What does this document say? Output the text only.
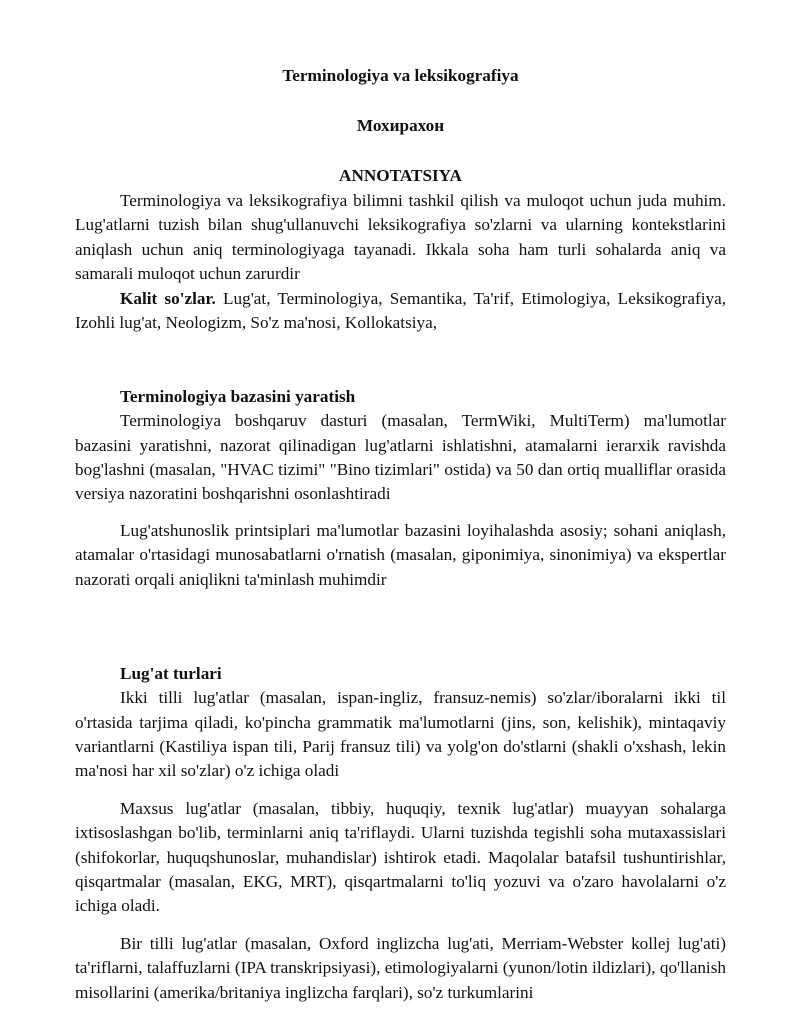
Terminologiya va leksikografiya
Мохирахон
ANNOTATSIYA

Terminologiya va leksikografiya bilimni tashkil qilish va muloqot uchun juda muhim. Lug'atlarni tuzish bilan shug'ullanuvchi leksikografiya so'zlarni va ularning kontekstlarini aniqlash uchun aniq terminologiyaga tayanadi. Ikkala soha ham turli sohalarda aniq va samarali muloqot uchun zarurdir

Kalit so'zlar. Lug'at, Terminologiya, Semantika, Ta'rif, Etimologiya, Leksikografiya, Izohli lug'at, Neologizm, So'z ma'nosi, Kollokatsiya,

Terminologiya bazasini yaratish

Terminologiya boshqaruv dasturi (masalan, TermWiki, MultiTerm) ma'lumotlar bazasini yaratishni, nazorat qilinadigan lug'atlarni ishlatishni, atamalarni ierarxik ravishda bog'lashni (masalan, "HVAC tizimi" "Bino tizimlari" ostida) va 50 dan ortiq mualliflar orasida versiya nazoratini boshqarishni osonlashtiradi

Lug'atshunoslik printsiplari ma'lumotlar bazasini loyihalashda asosiy; sohani aniqlash, atamalar o'rtasidagi munosabatlarni o'rnatish (masalan, giponimiya, sinonimiya) va ekspertlar nazorati orqali aniqlikni ta'minlash muhimdir

Lug'at turlari

Ikki tilli lug'atlar (masalan, ispan-ingliz, fransuz-nemis) so'zlar/iboralarni ikki til o'rtasida tarjima qiladi, ko'pincha grammatik ma'lumotlarni (jins, son, kelishik), mintaqaviy variantlarni (Kastiliya ispan tili, Parij fransuz tili) va yolg'on do'stlarni (shakli o'xshash, lekin ma'nosi har xil so'zlar) o'z ichiga oladi

Maxsus lug'atlar (masalan, tibbiy, huquqiy, texnik lug'atlar) muayyan sohalarga ixtisoslashgan bo'lib, terminlarni aniq ta'riflaydi. Ularni tuzishda tegishli soha mutaxassislari (shifokorlar, huquqshunoslar, muhandislar) ishtirok etadi. Maqolalar batafsil tushuntirishlar, qisqartmalar (masalan, EKG, MRT), qisqartmalarni to'liq yozuvi va o'zaro havolalarni o'z ichiga oladi.

Bir tilli lug'atlar (masalan, Oxford inglizcha lug'ati, Merriam-Webster kollej lug'ati) ta'riflarni, talaffuzlarni (IPA transkripsiyasi), etimologiyalarni (yunon/lotin ildizlari), qo'llanish misollarini (amerika/britaniya inglizcha farqlari), so'z turkumlarini
